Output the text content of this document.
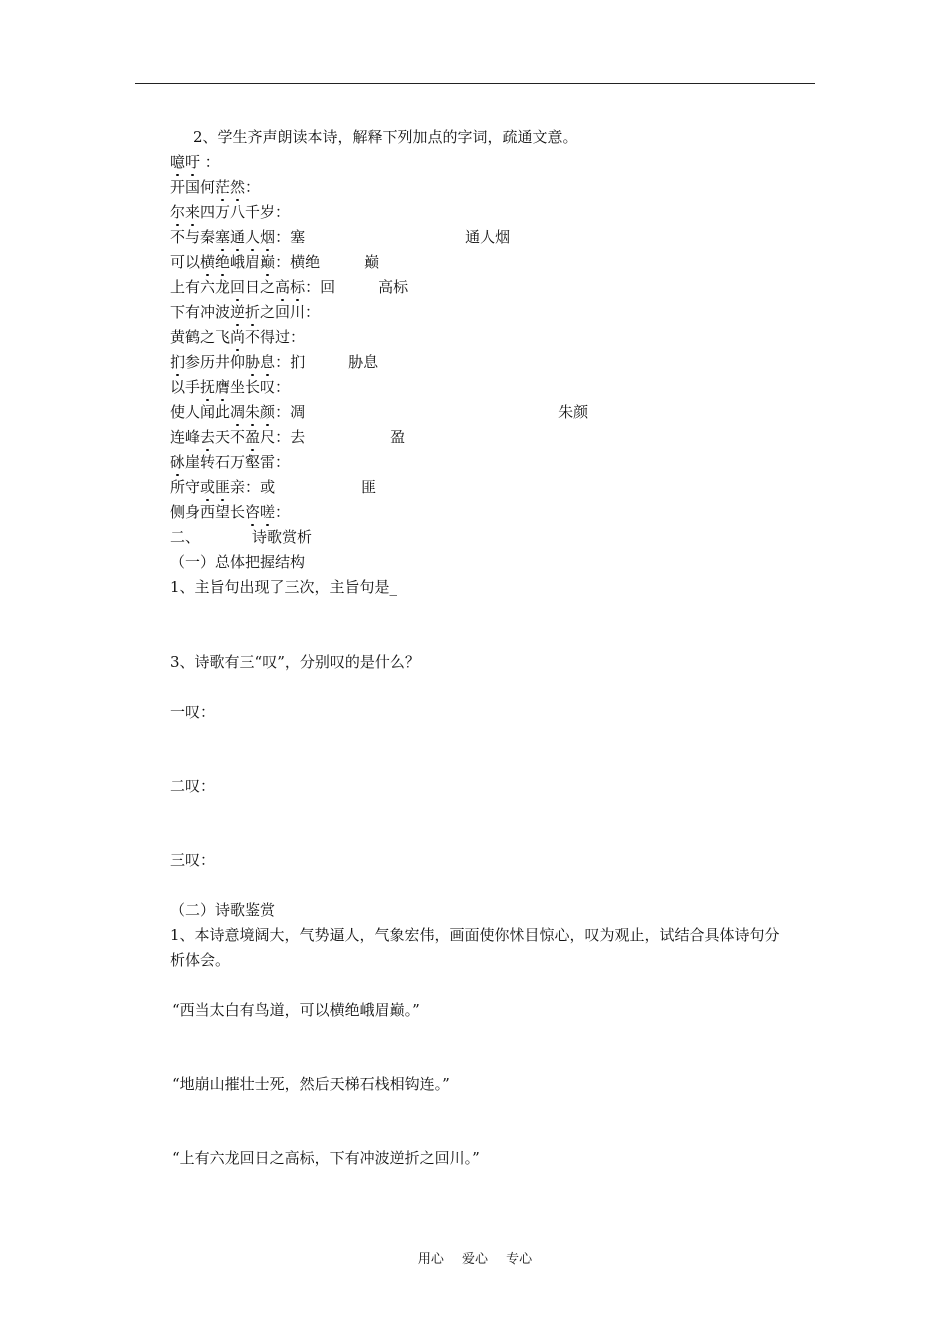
2、学生齐声朗读本诗，解释下列加点的字词，疏通文意。
噫吁 ：
开国何茫然：
尔来四万八千岁：
不与秦塞通人烟：塞	通人烟
可以横绝峨眉巅：横绝	巅
上有六龙回日之高标：回	高标
下有冲波逆折之回川：
黄鹤之飞尚不得过：
扪参历井仰胁息：扪	胁息
以手抚膺坐长叹：
使人闻此凋朱颜：凋	朱颜
连峰去天不盈尺：去	盈
砯崖转石万壑雷：
所守或匪亲：或	匪
侧身西望长咨嗟：
二、	诗歌赏析
（一）总体把握结构
1、主旨句出现了三次，主旨句是_
3、诗歌有三“叹”，分别叹的是什么？
一叹：
二叹：
三叹：
（二）诗歌鉴赏
1、本诗意境阔大，气势逼人，气象宏伟，画面使你怵目惊心，叹为观止，试结合具体诗句分
析体会。
“西当太白有鸟道，可以横绝峨眉巅。”
“地崩山摧壮士死，然后天梯石栈相钩连。”
“上有六龙回日之高标，下有冲波逆折之回川。”
用心 爱心 专心
